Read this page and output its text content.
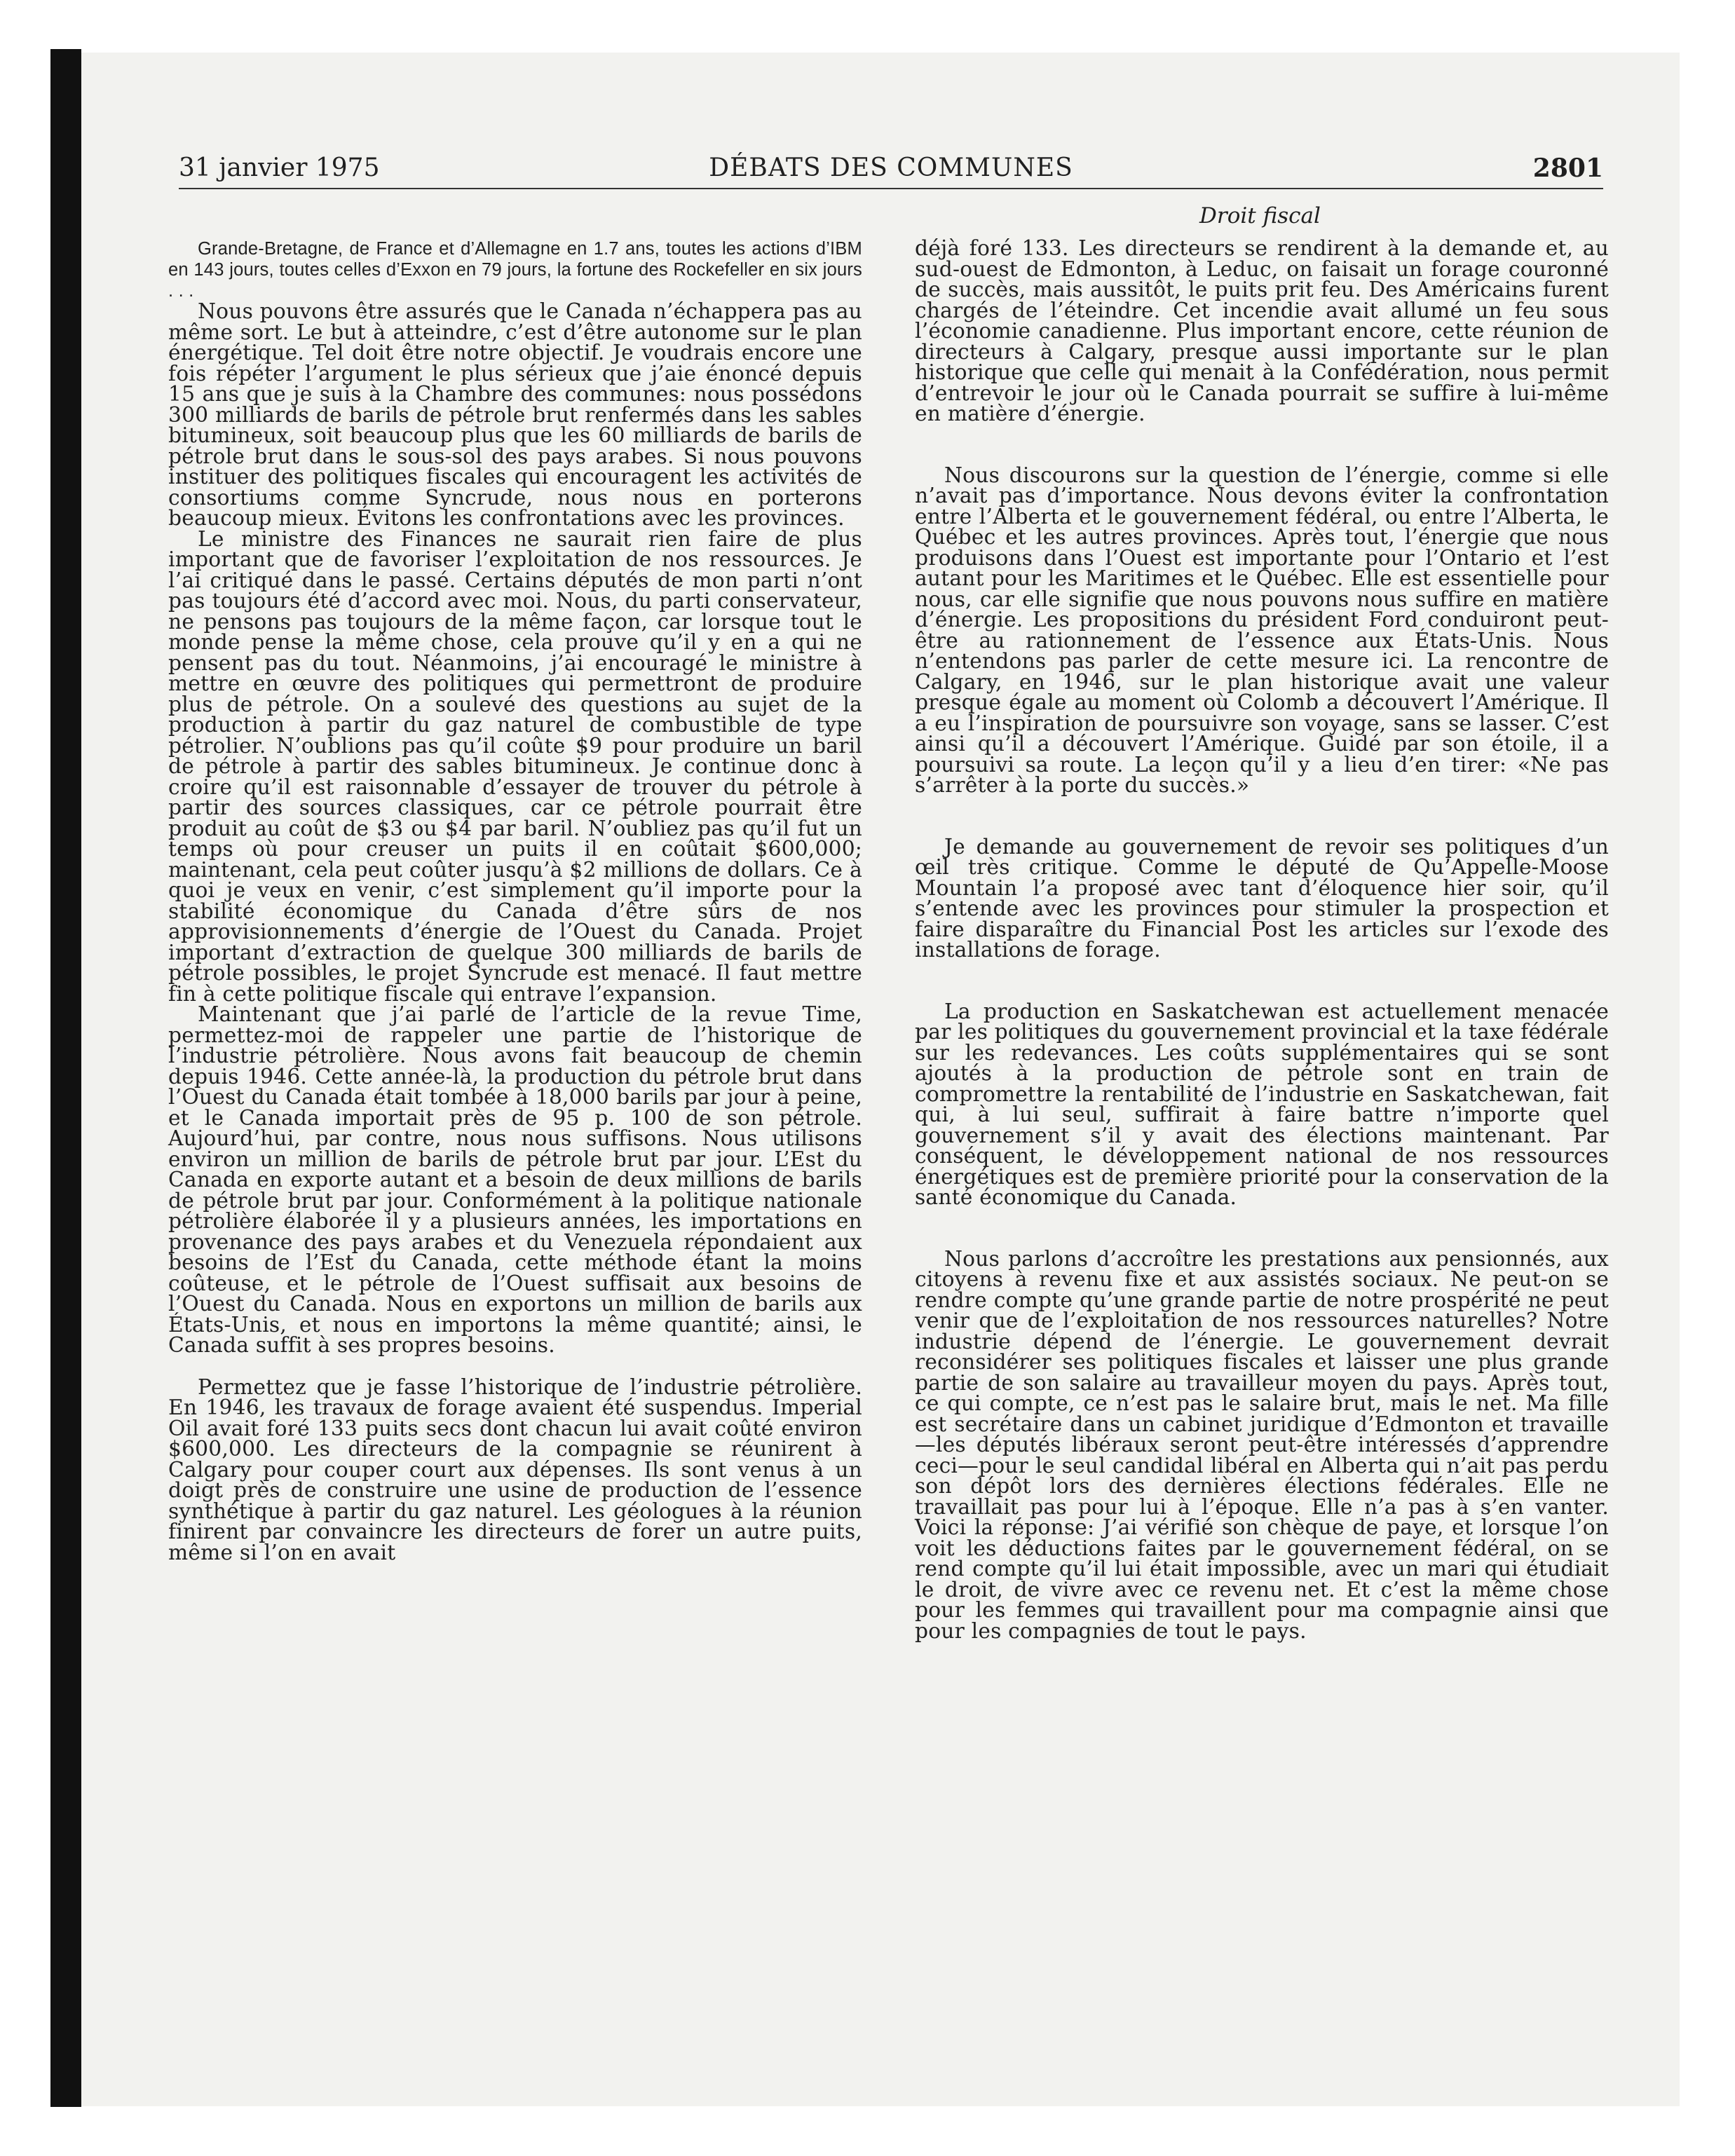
31 janvier 1975	DÉBATS DES COMMUNES	2801
Droit fiscal

Grande-Bretagne, de France et d’Allemagne en 1.7 ans, toutes les actions d’IBM en 143 jours, toutes celles d’Exxon en 79 jours, la fortune des Rockefeller en six jours . . .

Nous pouvons être assurés que le Canada n’échappera pas au même sort. Le but à atteindre, c’est d’être autonome sur le plan énergétique. Tel doit être notre objectif. Je voudrais encore une fois répéter l’argument le plus sérieux que j’aie énoncé depuis 15 ans que je suis à la Chambre des communes: nous possédons 300 milliards de barils de pétrole brut renfermés dans les sables bitumineux, soit beaucoup plus que les 60 milliards de barils de pétrole brut dans le sous-sol des pays arabes. Si nous pouvons instituer des politiques fiscales qui encouragent les activités de consortiums comme Syncrude, nous nous en porterons beaucoup mieux. Évitons les confrontations avec les provinces.

Le ministre des Finances ne saurait rien faire de plus important que de favoriser l’exploitation de nos ressources. Je l’ai critiqué dans le passé. Certains députés de mon parti n’ont pas toujours été d’accord avec moi. Nous, du parti conservateur, ne pensons pas toujours de la même façon, car lorsque tout le monde pense la même chose, cela prouve qu’il y en a qui ne pensent pas du tout. Néanmoins, j’ai encouragé le ministre à mettre en œuvre des politiques qui permettront de produire plus de pétrole. On a soulevé des questions au sujet de la production à partir du gaz naturel de combustible de type pétrolier. N’oublions pas qu’il coûte $9 pour produire un baril de pétrole à partir des sables bitumineux. Je continue donc à croire qu’il est raisonnable d’essayer de trouver du pétrole à partir des sources classiques, car ce pétrole pourrait être produit au coût de $3 ou $4 par baril. N’oubliez pas qu’il fut un temps où pour creuser un puits il en coûtait $600,000; maintenant, cela peut coûter jusqu’à $2 millions de dollars. Ce à quoi je veux en venir, c’est simplement qu’il importe pour la stabilité économique du Canada d’être sûrs de nos approvisionnements d’énergie de l’Ouest du Canada. Projet important d’extraction de quelque 300 milliards de barils de pétrole possibles, le projet Syncrude est menacé. Il faut mettre fin à cette politique fiscale qui entrave l’expansion.

Maintenant que j’ai parlé de l’article de la revue Time, permettez-moi de rappeler une partie de l’historique de l’industrie pétrolière. Nous avons fait beaucoup de chemin depuis 1946. Cette année-là, la production du pétrole brut dans l’Ouest du Canada était tombée à 18,000 barils par jour à peine, et le Canada importait près de 95 p. 100 de son pétrole. Aujourd’hui, par contre, nous nous suffisons. Nous utilisons environ un million de barils de pétrole brut par jour. L’Est du Canada en exporte autant et a besoin de deux millions de barils de pétrole brut par jour. Conformément à la politique nationale pétrolière élaborée il y a plusieurs années, les importations en provenance des pays arabes et du Venezuela répondaient aux besoins de l’Est du Canada, cette méthode étant la moins coûteuse, et le pétrole de l’Ouest suffisait aux besoins de l’Ouest du Canada. Nous en exportons un million de barils aux États-Unis, et nous en importons la même quantité; ainsi, le Canada suffit à ses propres besoins.

Permettez que je fasse l’historique de l’industrie pétrolière. En 1946, les travaux de forage avaient été suspendus. Imperial Oil avait foré 133 puits secs dont chacun lui avait coûté environ $600,000. Les directeurs de la compagnie se réunirent à Calgary pour couper court aux dépenses. Ils sont venus à un doigt près de construire une usine de production de l’essence synthétique à partir du gaz naturel. Les géologues à la réunion finirent par convaincre les directeurs de forer un autre puits, même si l’on en avait

déjà foré 133. Les directeurs se rendirent à la demande et, au sud-ouest de Edmonton, à Leduc, on faisait un forage couronné de succès, mais aussitôt, le puits prit feu. Des Américains furent chargés de l’éteindre. Cet incendie avait allumé un feu sous l’économie canadienne. Plus important encore, cette réunion de directeurs à Calgary, presque aussi importante sur le plan historique que celle qui menait à la Confédération, nous permit d’entrevoir le jour où le Canada pourrait se suffire à lui-même en matière d’énergie.

Nous discourons sur la question de l’énergie, comme si elle n’avait pas d’importance. Nous devons éviter la confrontation entre l’Alberta et le gouvernement fédéral, ou entre l’Alberta, le Québec et les autres provinces. Après tout, l’énergie que nous produisons dans l’Ouest est importante pour l’Ontario et l’est autant pour les Maritimes et le Québec. Elle est essentielle pour nous, car elle signifie que nous pouvons nous suffire en matière d’énergie. Les propositions du président Ford conduiront peut-être au rationnement de l’essence aux États-Unis. Nous n’entendons pas parler de cette mesure ici. La rencontre de Calgary, en 1946, sur le plan historique avait une valeur presque égale au moment où Colomb a découvert l’Amérique. Il a eu l’inspiration de poursuivre son voyage, sans se lasser. C’est ainsi qu’il a découvert l’Amérique. Guidé par son étoile, il a poursuivi sa route. La leçon qu’il y a lieu d’en tirer: «Ne pas s’arrêter à la porte du succès.»

Je demande au gouvernement de revoir ses politiques d’un œil très critique. Comme le député de Qu’Appelle-Moose Mountain l’a proposé avec tant d’éloquence hier soir, qu’il s’entende avec les provinces pour stimuler la prospection et faire disparaître du Financial Post les articles sur l’exode des installations de forage.

La production en Saskatchewan est actuellement menacée par les politiques du gouvernement provincial et la taxe fédérale sur les redevances. Les coûts supplémentaires qui se sont ajoutés à la production de pétrole sont en train de compromettre la rentabilité de l’industrie en Saskatchewan, fait qui, à lui seul, suffirait à faire battre n’importe quel gouvernement s’il y avait des élections maintenant. Par conséquent, le développement national de nos ressources énergétiques est de première priorité pour la conservation de la santé économique du Canada.

Nous parlons d’accroître les prestations aux pensionnés, aux citoyens à revenu fixe et aux assistés sociaux. Ne peut-on se rendre compte qu’une grande partie de notre prospérité ne peut venir que de l’exploitation de nos ressources naturelles? Notre industrie dépend de l’énergie. Le gouvernement devrait reconsidérer ses politiques fiscales et laisser une plus grande partie de son salaire au travailleur moyen du pays. Après tout, ce qui compte, ce n’est pas le salaire brut, mais le net. Ma fille est secrétaire dans un cabinet juridique d’Edmonton et travaille—les députés libéraux seront peut-être intéressés d’apprendre ceci—pour le seul candidal libéral en Alberta qui n’ait pas perdu son dépôt lors des dernières élections fédérales. Elle ne travaillait pas pour lui à l’époque. Elle n’a pas à s’en vanter. Voici la réponse: J’ai vérifié son chèque de paye, et lorsque l’on voit les déductions faites par le gouvernement fédéral, on se rend compte qu’il lui était impossible, avec un mari qui étudiait le droit, de vivre avec ce revenu net. Et c’est la même chose pour les femmes qui travaillent pour ma compagnie ainsi que pour les compagnies de tout le pays.
